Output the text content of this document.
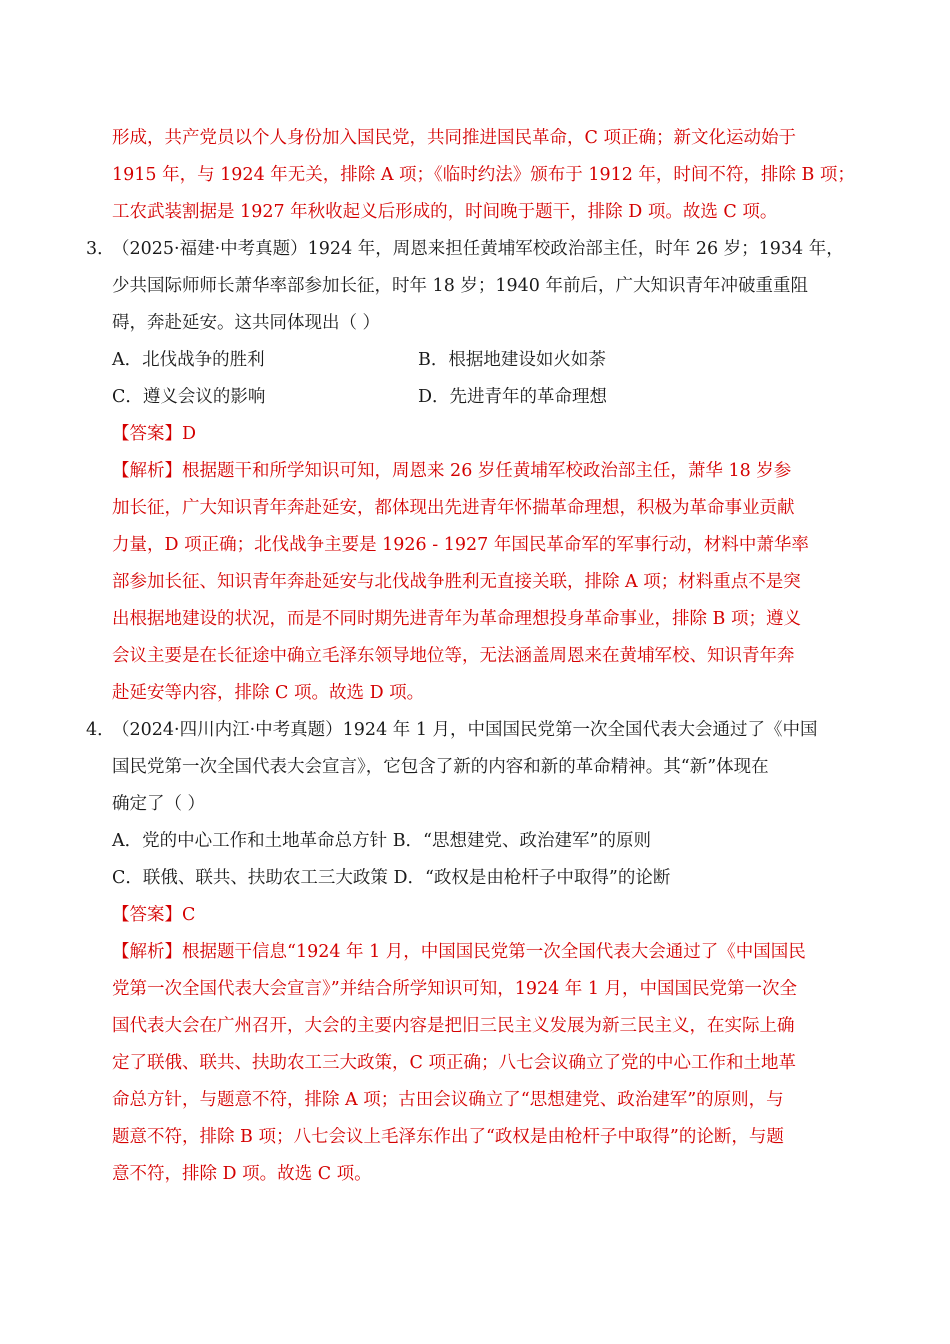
形成，共产党员以个人身份加入国民党，共同推进国民革命，C 项正确；新文化运动始于
1915 年，与 1924 年无关，排除 A 项；《临时约法》颁布于 1912 年，时间不符，排除 B 项；
工农武装割据是 1927 年秋收起义后形成的，时间晚于题干，排除 D 项。故选 C 项。
3．
（2025·福建·中考真题）1924 年，周恩来担任黄埔军校政治部主任，时年 26 岁；1934 年，
少共国际师师长萧华率部参加长征，时年 18 岁；1940 年前后，广大知识青年冲破重重阻
碍，奔赴延安。这共同体现出（ ）
A．北伐战争的胜利	B．根据地建设如火如荼
C．遵义会议的影响	D．先进青年的革命理想
【答案】D
【解析】根据题干和所学知识可知，周恩来 26 岁任黄埔军校政治部主任，萧华 18 岁参
加长征，广大知识青年奔赴延安，都体现出先进青年怀揣革命理想，积极为革命事业贡献
力量，D 项正确；北伐战争主要是 1926 - 1927 年国民革命军的军事行动，材料中萧华率
部参加长征、知识青年奔赴延安与北伐战争胜利无直接关联，排除 A 项；材料重点不是突
出根据地建设的状况，而是不同时期先进青年为革命理想投身革命事业，排除 B 项；遵义
会议主要是在长征途中确立毛泽东领导地位等，无法涵盖周恩来在黄埔军校、知识青年奔
赴延安等内容，排除 C 项。故选 D 项。
4．
（2024·四川内江·中考真题）1924 年 1 月，中国国民党第一次全国代表大会通过了《中国
国民党第一次全国代表大会宣言》，它包含了新的内容和新的革命精神。其“新”体现在
确定了（ ）
A．党的中心工作和土地革命总方针 B．“思想建党、政治建军”的原则
C．联俄、联共、扶助农工三大政策 D．“政权是由枪杆子中取得”的论断
【答案】C
【解析】根据题干信息“1924 年 1 月，中国国民党第一次全国代表大会通过了《中国国民
党第一次全国代表大会宣言》”并结合所学知识可知，1924 年 1 月，中国国民党第一次全
国代表大会在广州召开，大会的主要内容是把旧三民主义发展为新三民主义，在实际上确
定了联俄、联共、扶助农工三大政策，C 项正确；八七会议确立了党的中心工作和土地革
命总方针，与题意不符，排除 A 项；古田会议确立了“思想建党、政治建军”的原则，与
题意不符，排除 B 项；八七会议上毛泽东作出了“政权是由枪杆子中取得”的论断，与题
意不符，排除 D 项。故选 C 项。
